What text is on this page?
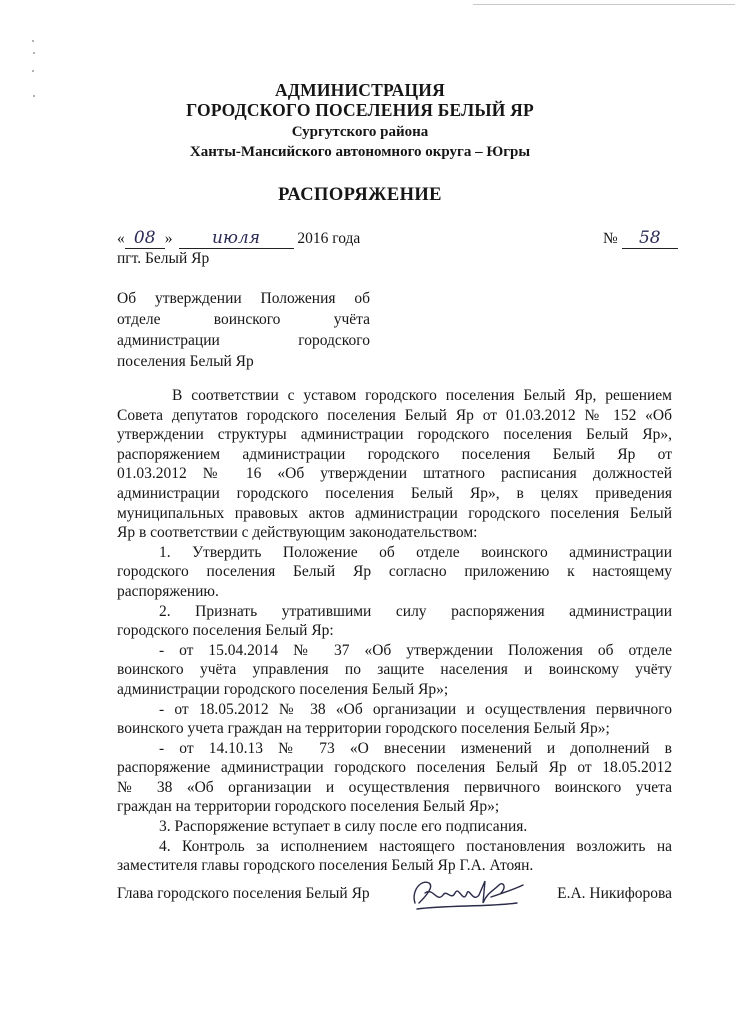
АДМИНИСТРАЦИЯ
ГОРОДСКОГО ПОСЕЛЕНИЯ БЕЛЫЙ ЯР
Сургутского района
Ханты-Мансийского автономного округа – Югры
РАСПОРЯЖЕНИЕ
« 08 » июля 2016 года	№ 58
пгт. Белый Яр
Об утверждении Положения об
отделе воинского учёта
администрации городского
поселения Белый Яр
В соответствии с уставом городского поселения Белый Яр, решением
Совета депутатов городского поселения Белый Яр от 01.03.2012 № 152 «Об
утверждении структуры администрации городского поселения Белый Яр»,
распоряжением администрации городского поселения Белый Яр от
01.03.2012 № 16 «Об утверждении штатного расписания должностей
администрации городского поселения Белый Яр», в целях приведения
муниципальных правовых актов администрации городского поселения Белый
Яр в соответствии с действующим законодательством:
1. Утвердить Положение об отделе воинского администрации
городского поселения Белый Яр согласно приложению к настоящему
распоряжению.
2. Признать утратившими силу распоряжения администрации
городского поселения Белый Яр:
- от 15.04.2014 № 37 «Об утверждении Положения об отделе
воинского учёта управления по защите населения и воинскому учёту
администрации городского поселения Белый Яр»;
- от 18.05.2012 № 38 «Об организации и осуществления первичного
воинского учета граждан на территории городского поселения Белый Яр»;
- от 14.10.13 № 73 «О внесении изменений и дополнений в
распоряжение администрации городского поселения Белый Яр от 18.05.2012
№ 38 «Об организации и осуществления первичного воинского учета
граждан на территории городского поселения Белый Яр»;
3. Распоряжение вступает в силу после его подписания.
4. Контроль за исполнением настоящего постановления возложить на
заместителя главы городского поселения Белый Яр Г.А. Атоян.
Глава городского поселения Белый Яр	Е.А. Никифорова
